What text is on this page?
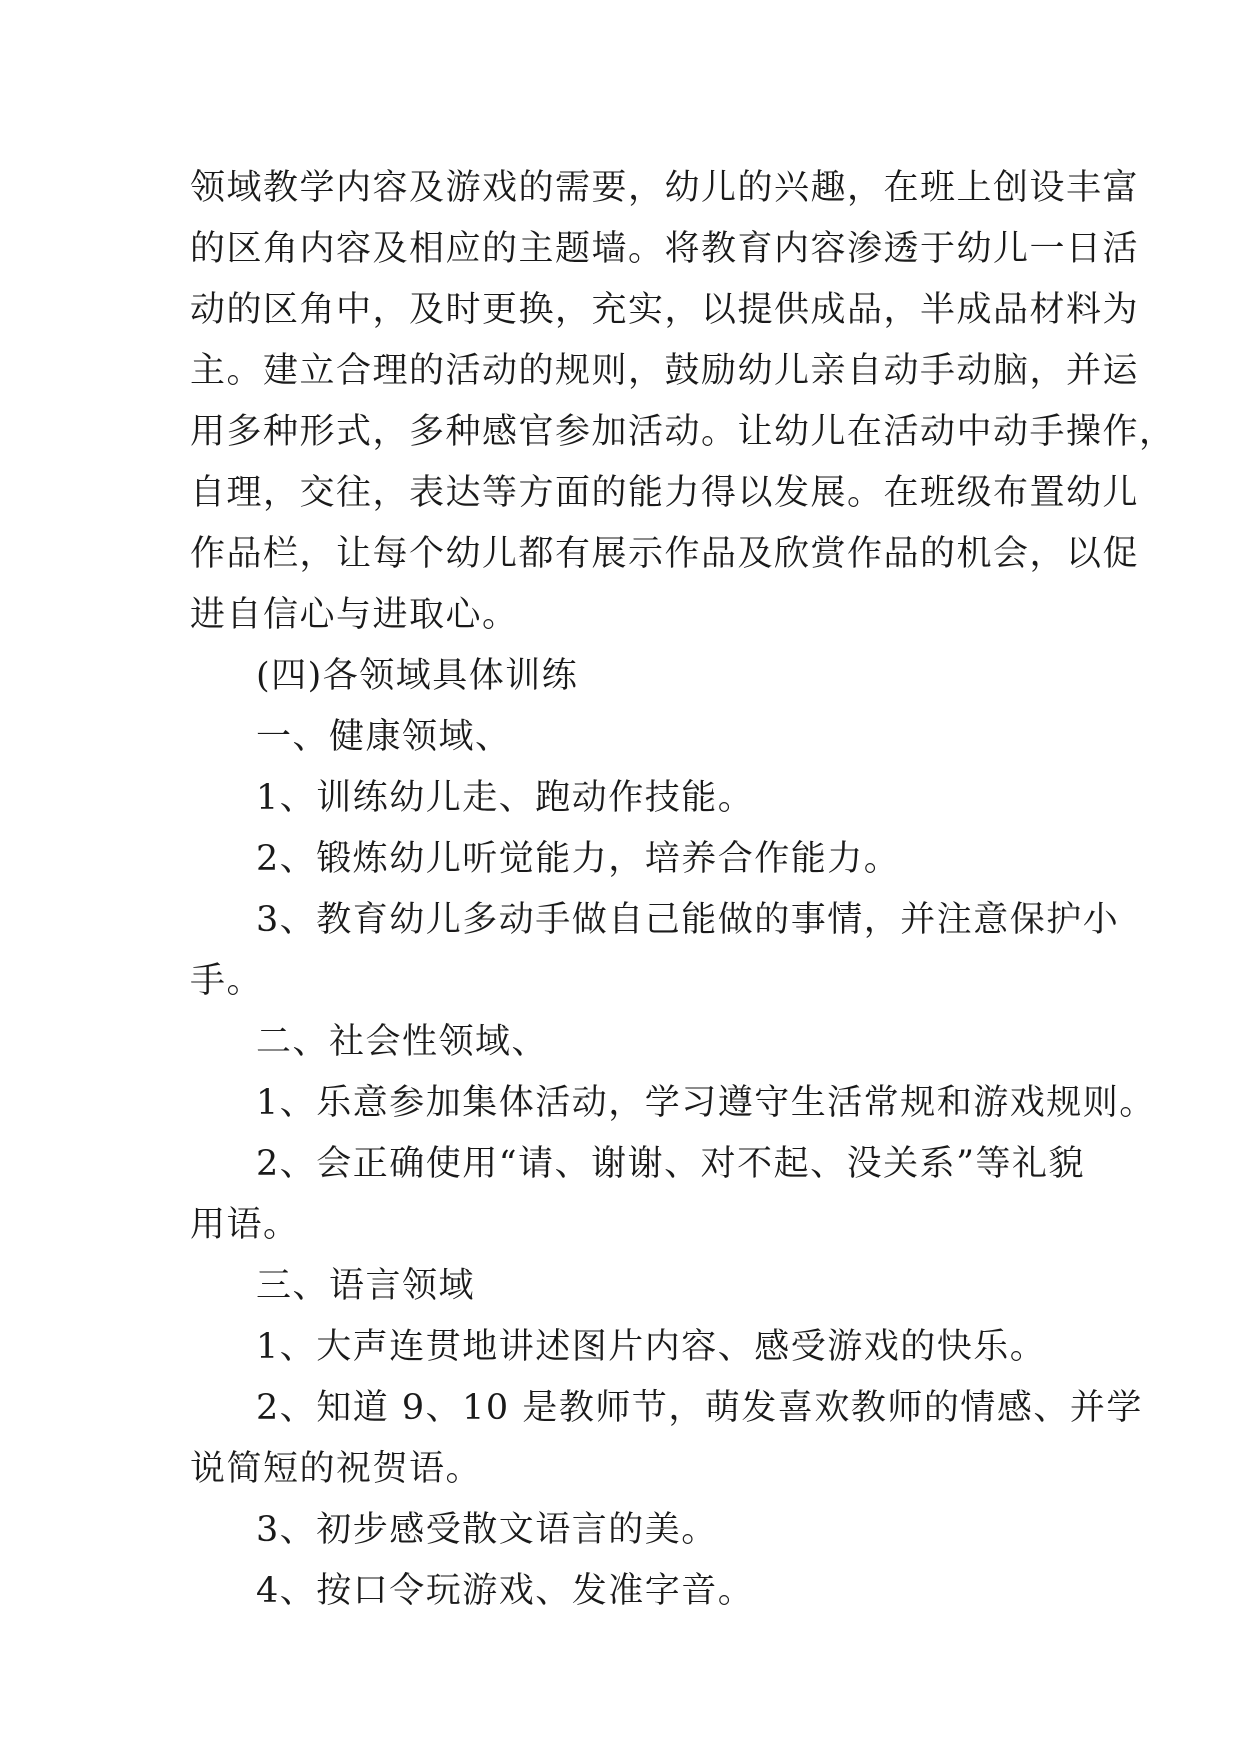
领域教学内容及游戏的需要，幼儿的兴趣，在班上创设丰富
的区角内容及相应的主题墙。将教育内容渗透于幼儿一日活
动的区角中，及时更换，充实，以提供成品，半成品材料为
主。建立合理的活动的规则，鼓励幼儿亲自动手动脑，并运
用多种形式，多种感官参加活动。让幼儿在活动中动手操作，
自理，交往，表达等方面的能力得以发展。在班级布置幼儿
作品栏，让每个幼儿都有展示作品及欣赏作品的机会，以促
进自信心与进取心。
(四)各领域具体训练
一、健康领域、
1、训练幼儿走、跑动作技能。
2、锻炼幼儿听觉能力，培养合作能力。
3、教育幼儿多动手做自己能做的事情，并注意保护小
手。
二、社会性领域、
1、乐意参加集体活动，学习遵守生活常规和游戏规则。
2、会正确使用“请、谢谢、对不起、没关系”等礼貌
用语。
三、语言领域
1、大声连贯地讲述图片内容、感受游戏的快乐。
2、知道 9、10 是教师节，萌发喜欢教师的情感、并学
说简短的祝贺语。
3、初步感受散文语言的美。
4、按口令玩游戏、发准字音。
